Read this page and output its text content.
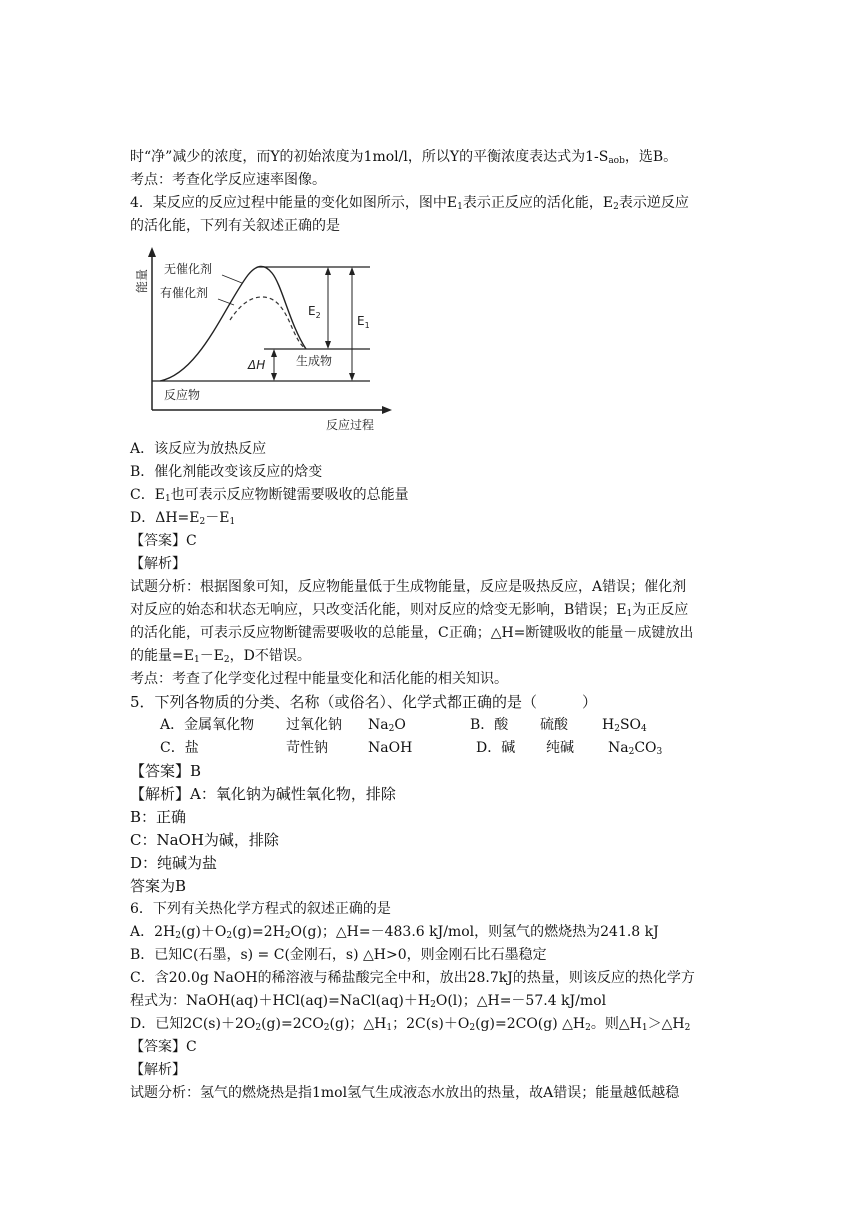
时“净”减少的浓度，而Y的初始浓度为1mol/l，所以Y的平衡浓度表达式为$1-S_{aob}$，选B。
考点：考查化学反应速率图像。
4．某反应的反应过程中能量的变化如图所示，图中$E_1$表示正反应的活化能，$E_2$表示逆反应
的活化能，下列有关叙述正确的是
能量
反应过程
无催化剂
有催化剂
$E_2$	$E_1$
ΔH	生成物
反应物
A．该反应为放热反应
B．催化剂能改变该反应的焓变
C．$E_1$也可表示反应物断键需要吸收的总能量
D．$\Delta H=E_2-E_1$
【答案】C
【解析】
试题分析：根据图象可知，反应物能量低于生成物能量，反应是吸热反应，A错误；催化剂
对反应的始态和状态无响应，只改变活化能，则对反应的焓变无影响，B错误；$E_1$为正反应
的活化能，可表示反应物断键需要吸收的总能量，C正确；△H=断键吸收的能量－成键放出
的能量$=E_1-E_2$，D不错误。
考点：考查了化学变化过程中能量变化和活化能的相关知识。
5．下列各物质的分类、名称（或俗名）、化学式都正确的是（　　　）
A．金属氧化物 过氧化钠 $Na_2O$	B．酸 硫酸 $H_2SO_4$
C．盐	苛性钠	NaOH	D．碱 纯碱 $Na_2CO_3$
【答案】B
【解析】A：氧化钠为碱性氧化物，排除
B：正确
C：NaOH为碱，排除
D：纯碱为盐
答案为B
6．下列有关热化学方程式的叙述正确的是
A．$2H_2(g)+O_2(g)=2H_2O(g)$；△H=－483.6 kJ/mol，则氢气的燃烧热为241.8 kJ
B．已知C(石墨，s) = C(金刚石，s) △H>0，则金刚石比石墨稳定
C．含20.0g NaOH的稀溶液与稀盐酸完全中和，放出28.7kJ的热量，则该反应的热化学方
程式为：$NaOH(aq)+HCl(aq)=NaCl(aq)+H_2O(l)$；△H=－57.4 kJ/mol
D．已知$2C(s)+2O_2(g)=2CO_2(g)$；$\triangle H_1$；$2C(s)+O_2(g)=2CO(g)$ $\triangle H_2$。则$\triangle H_1>\triangle H_2$
【答案】C
【解析】
试题分析：氢气的燃烧热是指1mol氢气生成液态水放出的热量，故A错误；能量越低越稳
